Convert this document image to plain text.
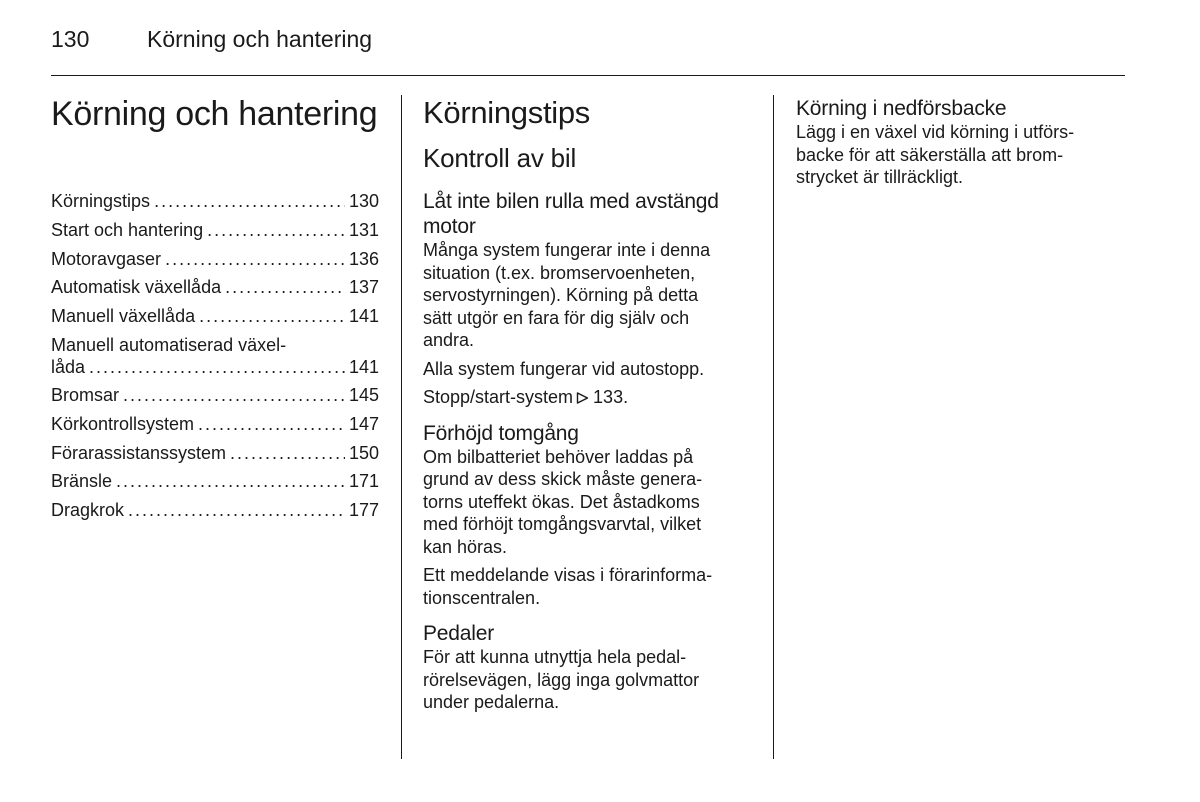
130	Körning och hantering
Körning och hantering
Körningstips . . .	130
Start och hantering . . .	131
Motoravgaser . . .	136
Automatisk växellåda . . .	137
Manuell växellåda . . .	141
Manuell automatiserad växel-
låda . . .	141
Bromsar . . .	145
Körkontrollsystem . . .	147
Förarassistanssystem . . .	150
Bränsle . . .	171
Dragkrok . . .	177
Körningstips
Kontroll av bil
Låt inte bilen rulla med avstängd
motor

Många system fungerar inte i denna
situation (t.ex. bromservoenheten,
servostyrningen). Körning på detta
sätt utgör en fara för dig själv och
andra.

Alla system fungerar vid autostopp.

Stopp/start-system 133.

Förhöjd tomgång

Om bilbatteriet behöver laddas på
grund av dess skick måste genera-
torns uteffekt ökas. Det åstadkoms
med förhöjt tomgångsvarvtal, vilket
kan höras.

Ett meddelande visas i förarinforma-
tionscentralen.

Pedaler

För att kunna utnyttja hela pedal-
rörelsevägen, lägg inga golvmattor
under pedalerna.

Körning i nedförsbacke

Lägg i en växel vid körning i utförs-
backe för att säkerställa att brom-
strycket är tillräckligt.
